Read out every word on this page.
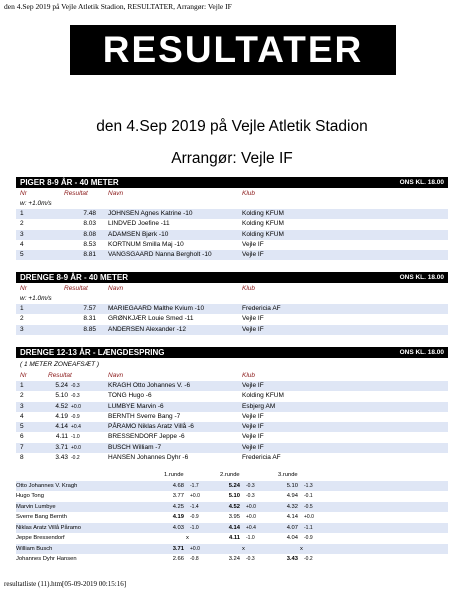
den 4.Sep 2019 på Vejle Atletik Stadion, RESULTATER, Arrangør: Vejle IF
RESULTATER
den 4.Sep 2019 på Vejle Atletik Stadion
Arrangør: Vejle IF
PIGER 8-9 ÅR - 40 METER	ONS KL. 18.00
Nr	Resultat	Navn	Klub
w: +1.0m/s
1	7.48 JOHNSEN Agnes Katrine -10	Kolding KFUM
2	8.03 LINDVED Joefine -11	Kolding KFUM
3	8.08 ADAMSEN Bjørk -10	Kolding KFUM
4	8.53 KORTNUM Smilla Maj -10	Vejle IF
5	8.81 VANGSGAARD Nanna Bergholt -10	Vejle IF
DRENGE 8-9 ÅR - 40 METER	ONS KL. 18.00
Nr	Resultat	Navn	Klub
w: +1.0m/s
1	7.57 MARIEGAARD Malthe Kvium -10	Fredericia AF
2	8.31 GRØNKJÆR Louie Smed -11	Vejle IF
3	8.85 ANDERSEN Alexander -12	Vejle IF
DRENGE 12-13 ÅR - LÆNGDESPRING	ONS KL. 18.00
( 1 METER ZONEAFSÆT )
Nr	Resultat	Navn	Klub
1	5.24 -0.3	KRAGH Otto Johannes V. -6	Vejle IF
2	5.10 -0.3	TONG Hugo -6	Kolding KFUM
3	4.52 +0.0	LUMBYE Marvin -6	Esbjerg AM
4	4.19 -0.9	BERNTH Sverre Bang -7	Vejle IF
5	4.14 +0.4	PÅRAMO Niklas Aratz Villå -6	Vejle IF
6	4.11 -1.0	BRESSENDORF Jeppe -6	Vejle IF
7	3.71 +0.0	BUSCH William -7	Vejle IF
8	3.43 -0.2	HANSEN Johannes Dyhr -6	Fredericia AF
1.runde	2.runde	3.runde
Otto Johannes V. Kragh	4.68 -1.7	5.24 -0.3	5.10 -1.3
Hugo Tong	3.77 +0.0	5.10 -0.3	4.94 -0.1
Marvin Lumbye	4.25 -1.4	4.52 +0.0	4.32 -0.5
Sverre Bang Bernth	4.19 -0.9	3.95 +0.0	4.14 +0.0
Niklas Aratz Villå Påramo	4.03 -1.0	4.14 +0.4	4.07 -1.1
Jeppe Bressendorf	x	4.11 -1.0	4.04 -0.9
William Busch	3.71 +0.0	x	x
Johannes Dyhr Hansen	2.66 -0.8	3.24 -0.3	3.43 -0.2
resultatliste (11).htm[05-09-2019 00:15:16]
